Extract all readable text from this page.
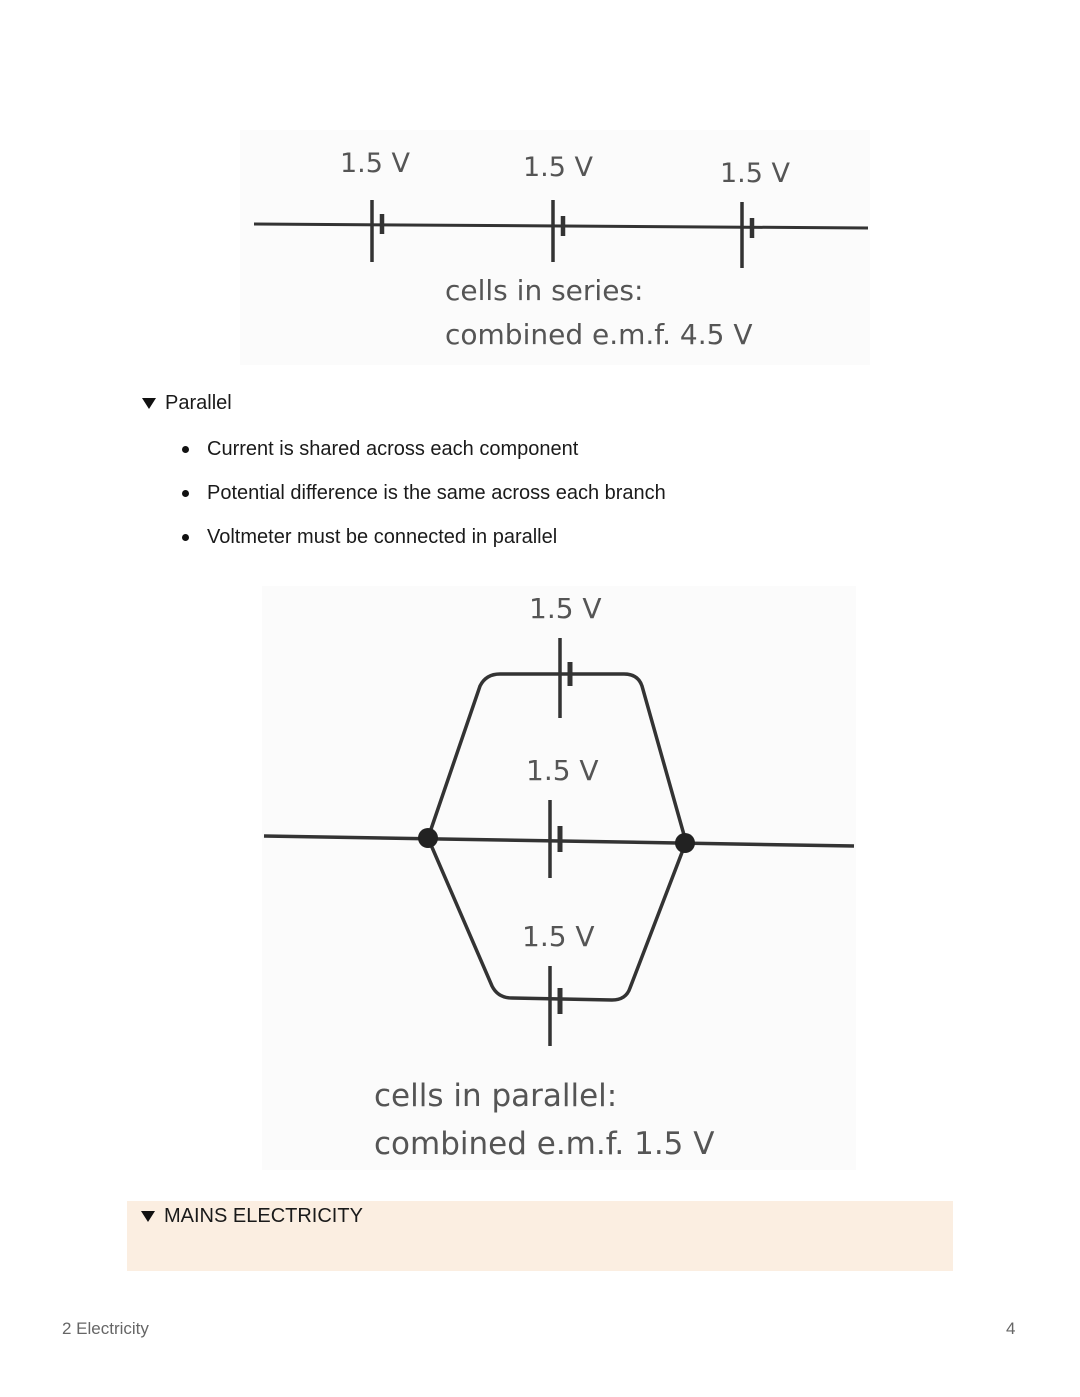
1.5 V	1.5 V	1.5 V
cells in series:
combined e.m.f. 4.5 V
Parallel
Current is shared across each component
Potential difference is the same across each branch
Voltmeter must be connected in parallel
1.5 V
1.5 V
1.5 V
cells in parallel:
combined e.m.f. 1.5 V
MAINS ELECTRICITY
2 Electricity	4
